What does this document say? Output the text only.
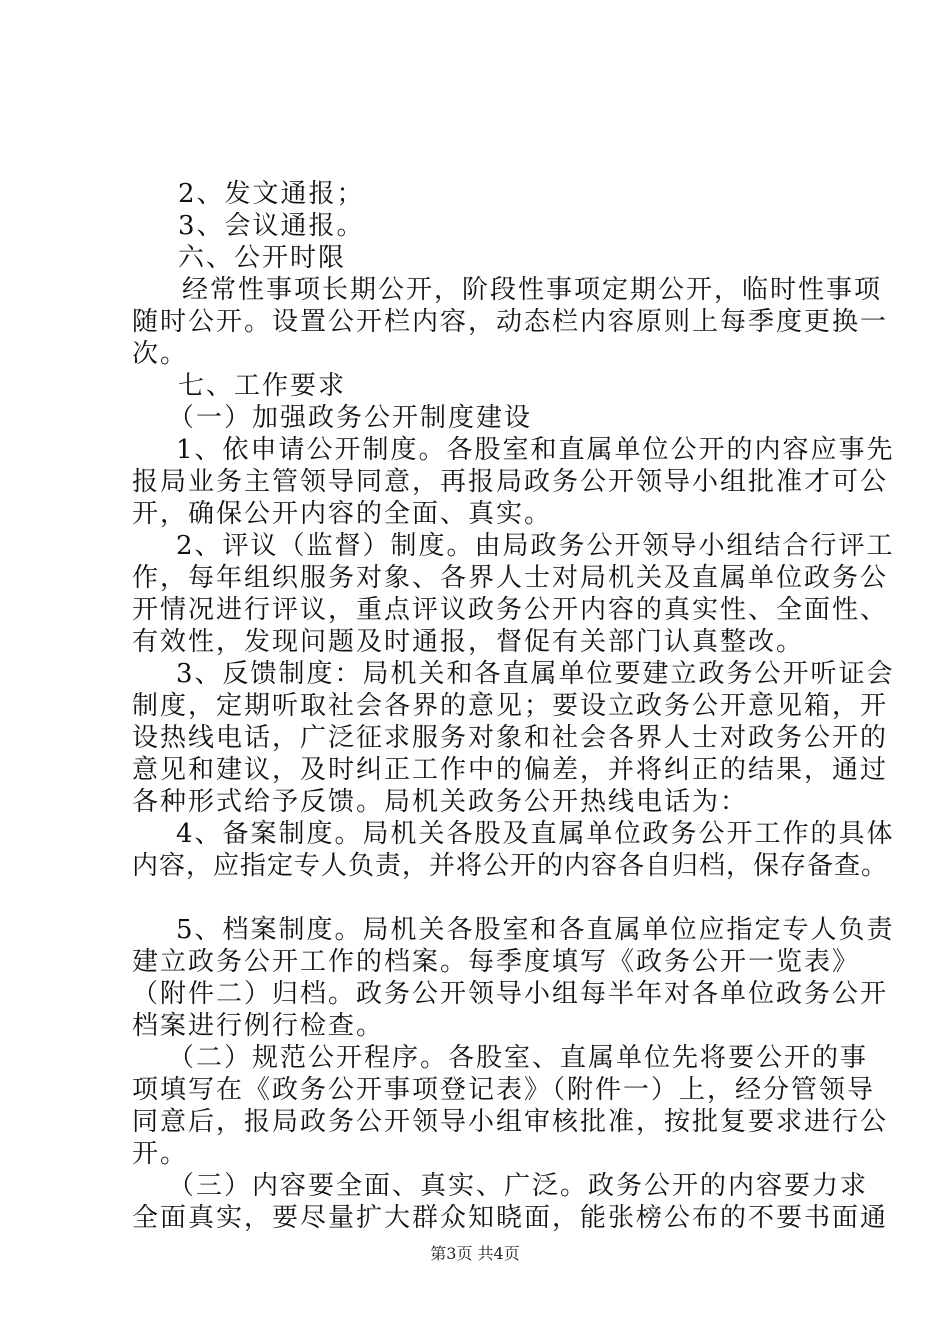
2、发文通报；
3、会议通报。
六、公开时限
经常性事项长期公开，阶段性事项定期公开，临时性事项
随时公开。设置公开栏内容，动态栏内容原则上每季度更换一
次。
七、工作要求
（一）加强政务公开制度建设
1、依申请公开制度。各股室和直属单位公开的内容应事先
报局业务主管领导同意，再报局政务公开领导小组批准才可公
开，确保公开内容的全面、真实。
2、评议（监督）制度。由局政务公开领导小组结合行评工
作，每年组织服务对象、各界人士对局机关及直属单位政务公
开情况进行评议，重点评议政务公开内容的真实性、全面性、
有效性，发现问题及时通报，督促有关部门认真整改。
3、反馈制度：局机关和各直属单位要建立政务公开听证会
制度，定期听取社会各界的意见；要设立政务公开意见箱，开
设热线电话，广泛征求服务对象和社会各界人士对政务公开的
意见和建议，及时纠正工作中的偏差，并将纠正的结果，通过
各种形式给予反馈。局机关政务公开热线电话为：
4、备案制度。局机关各股及直属单位政务公开工作的具体
内容，应指定专人负责，并将公开的内容各自归档，保存备查。
5、档案制度。局机关各股室和各直属单位应指定专人负责
建立政务公开工作的档案。每季度填写《政务公开一览表》
（附件二）归档。政务公开领导小组每半年对各单位政务公开
档案进行例行检查。
（二）规范公开程序。各股室、直属单位先将要公开的事
项填写在《政务公开事项登记表》（附件一）上，经分管领导
同意后，报局政务公开领导小组审核批准，按批复要求进行公
开。
（三）内容要全面、真实、广泛。政务公开的内容要力求
全面真实，要尽量扩大群众知晓面，能张榜公布的不要书面通
第3页 共4页
